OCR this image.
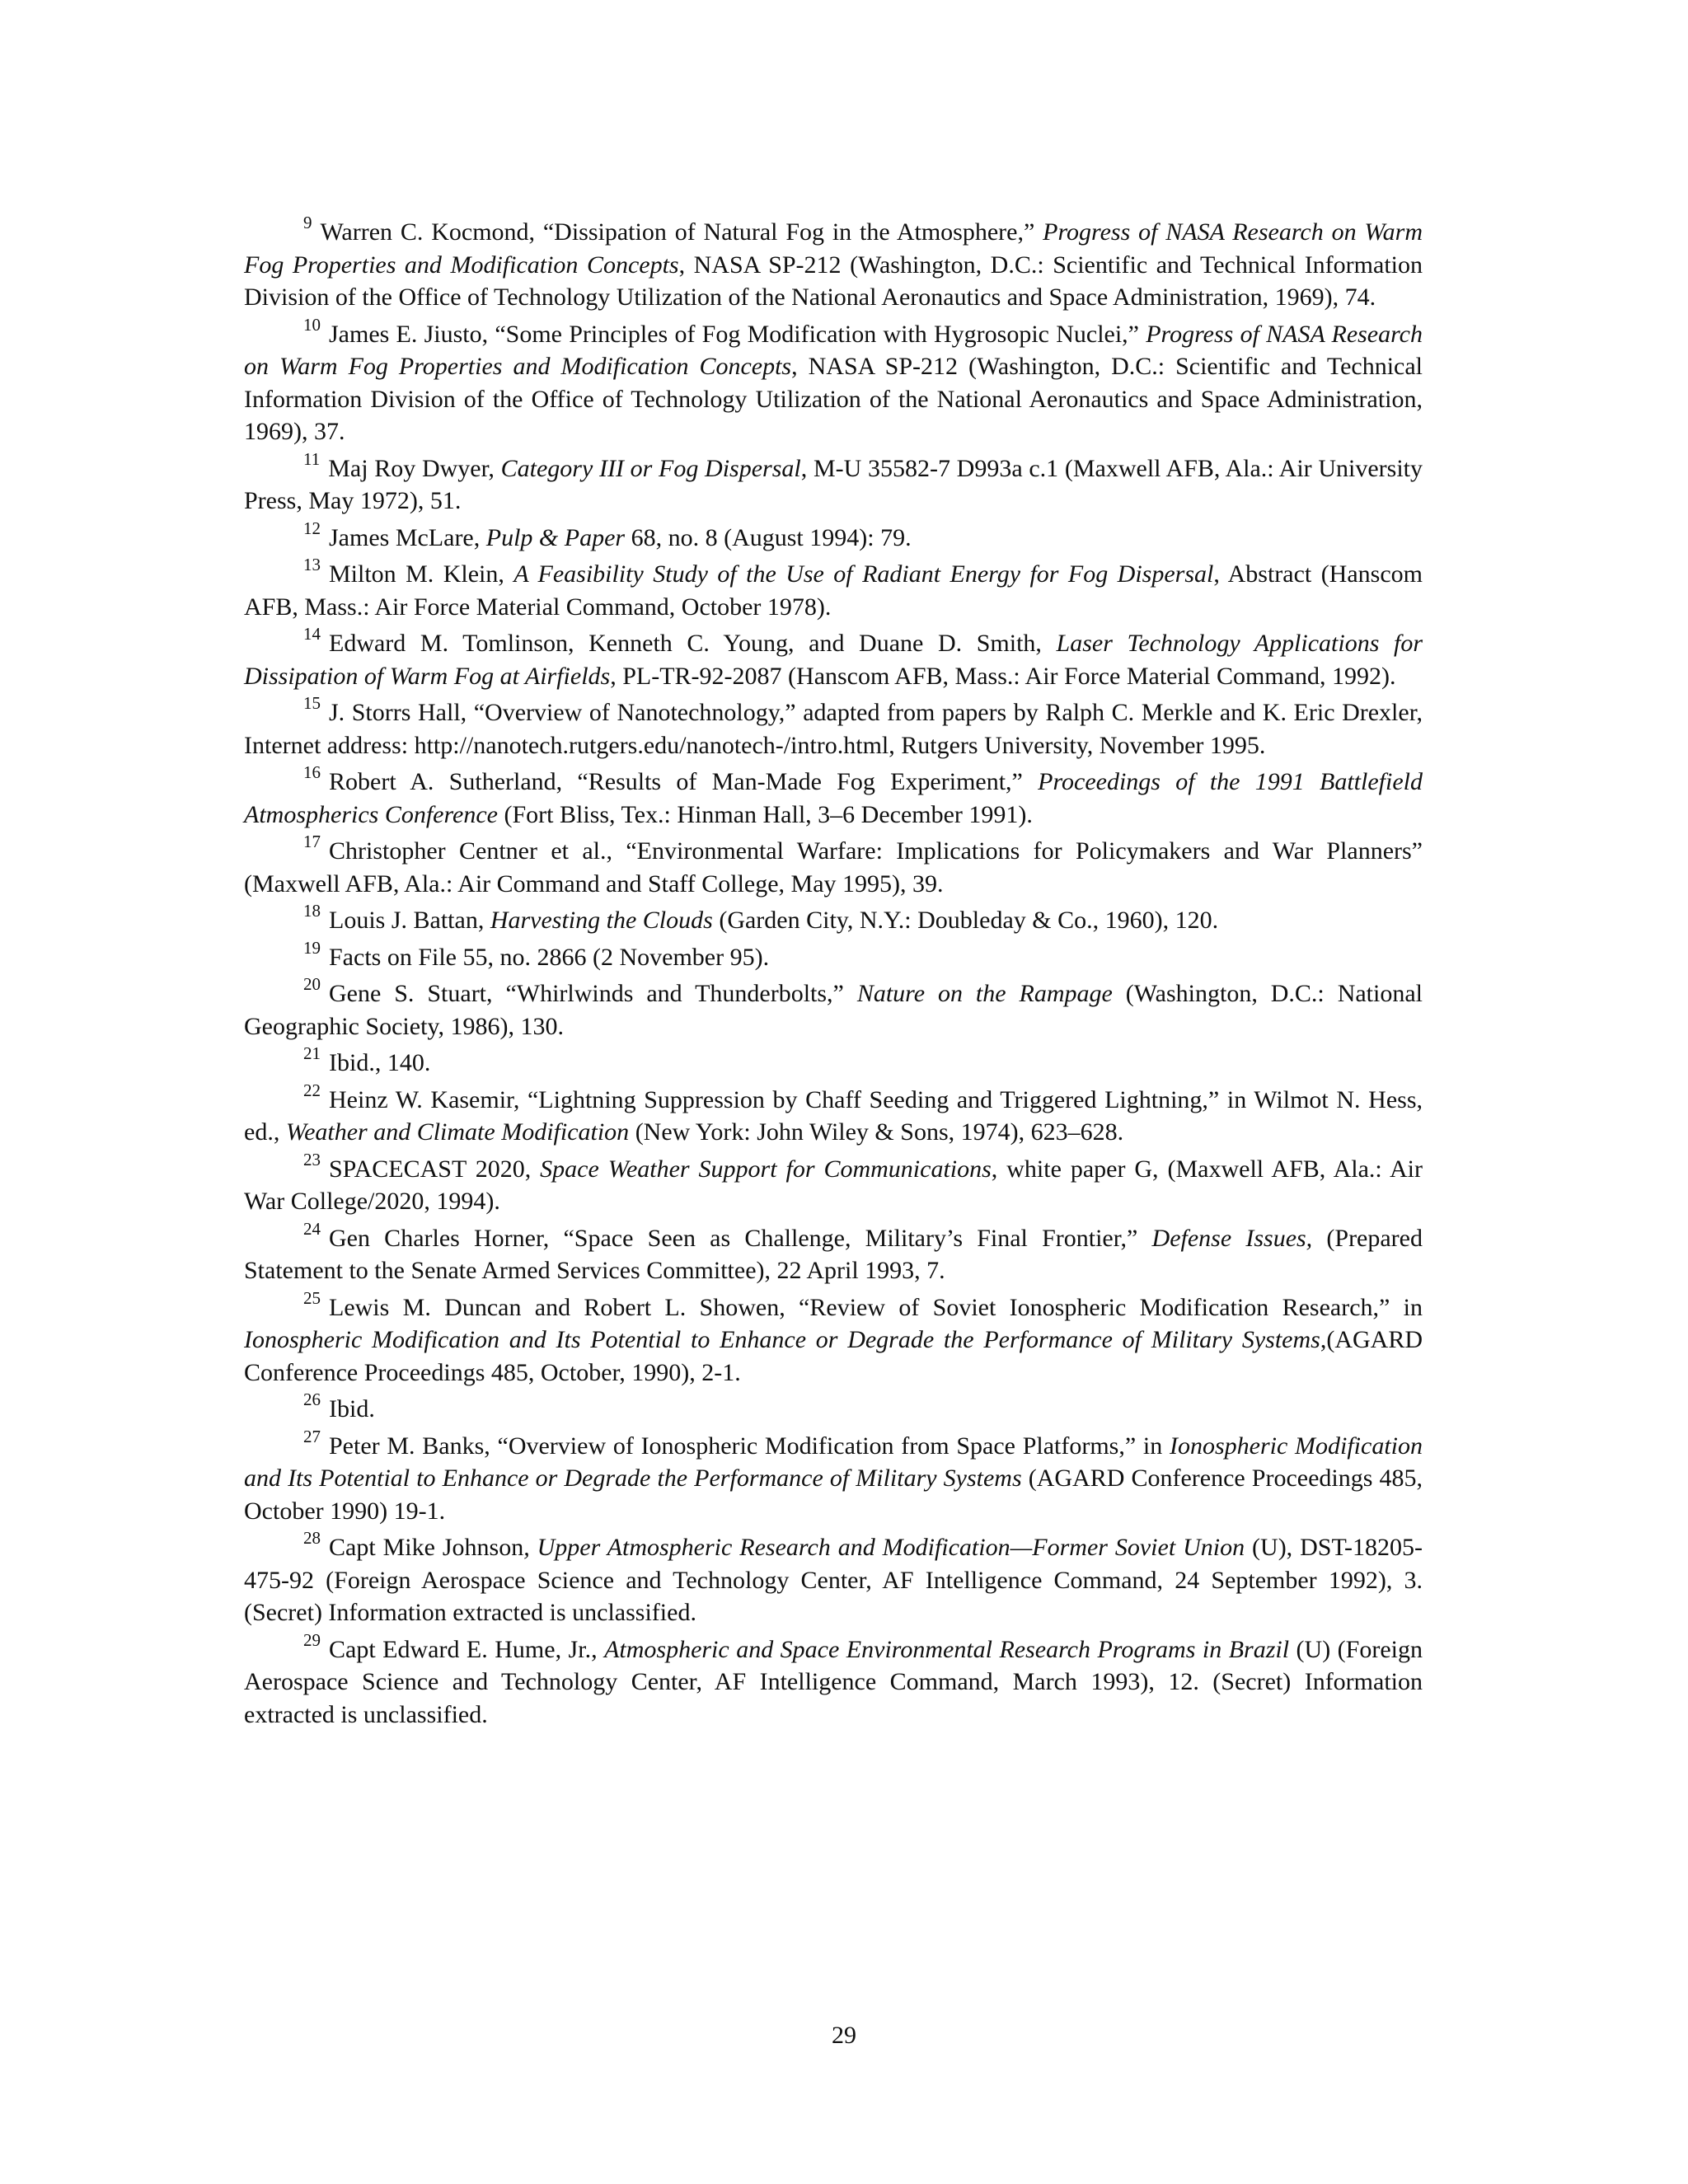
$^9$ Warren C. Kocmond, “Dissipation of Natural Fog in the Atmosphere,” Progress of NASA Research on Warm Fog Properties and Modification Concepts, NASA SP-212 (Washington, D.C.: Scientific and Technical Information Division of the Office of Technology Utilization of the National Aeronautics and Space Administration, 1969), 74.

$^{10}$ James E. Jiusto, “Some Principles of Fog Modification with Hygrosopic Nuclei,” Progress of NASA Research on Warm Fog Properties and Modification Concepts, NASA SP-212 (Washington, D.C.: Scientific and Technical Information Division of the Office of Technology Utilization of the National Aeronautics and Space Administration, 1969), 37.

$^{11}$ Maj Roy Dwyer, Category III or Fog Dispersal, M-U 35582-7 D993a c.1 (Maxwell AFB, Ala.: Air University Press, May 1972), 51.

$^{12}$ James McLare, Pulp & Paper 68, no. 8 (August 1994): 79.

$^{13}$ Milton M. Klein, A Feasibility Study of the Use of Radiant Energy for Fog Dispersal, Abstract (Hanscom AFB, Mass.: Air Force Material Command, October 1978).

$^{14}$ Edward M. Tomlinson, Kenneth C. Young, and Duane D. Smith, Laser Technology Applications for Dissipation of Warm Fog at Airfields, PL-TR-92-2087 (Hanscom AFB, Mass.: Air Force Material Command, 1992).

$^{15}$ J. Storrs Hall, “Overview of Nanotechnology,” adapted from papers by Ralph C. Merkle and K. Eric Drexler, Internet address: http://nanotech.rutgers.edu/nanotech-/intro.html, Rutgers University, November 1995.

$^{16}$ Robert A. Sutherland, “Results of Man-Made Fog Experiment,” Proceedings of the 1991 Battlefield Atmospherics Conference (Fort Bliss, Tex.: Hinman Hall, 3–6 December 1991).

$^{17}$ Christopher Centner et al., “Environmental Warfare: Implications for Policymakers and War Planners” (Maxwell AFB, Ala.: Air Command and Staff College, May 1995), 39.

$^{18}$ Louis J. Battan, Harvesting the Clouds (Garden City, N.Y.: Doubleday & Co., 1960), 120.

$^{19}$ Facts on File 55, no. 2866 (2 November 95).

$^{20}$ Gene S. Stuart, “Whirlwinds and Thunderbolts,” Nature on the Rampage (Washington, D.C.: National Geographic Society, 1986), 130.

$^{21}$ Ibid., 140.

$^{22}$ Heinz W. Kasemir, “Lightning Suppression by Chaff Seeding and Triggered Lightning,” in Wilmot N. Hess, ed., Weather and Climate Modification (New York: John Wiley & Sons, 1974), 623–628.

$^{23}$ SPACECAST 2020, Space Weather Support for Communications, white paper G, (Maxwell AFB, Ala.: Air War College/2020, 1994).

$^{24}$ Gen Charles Horner, “Space Seen as Challenge, Military’s Final Frontier,” Defense Issues, (Prepared Statement to the Senate Armed Services Committee), 22 April 1993, 7.

$^{25}$ Lewis M. Duncan and Robert L. Showen, “Review of Soviet Ionospheric Modification Research,” in Ionospheric Modification and Its Potential to Enhance or Degrade the Performance of Military Systems,(AGARD Conference Proceedings 485, October, 1990), 2-1.

$^{26}$ Ibid.

$^{27}$ Peter M. Banks, “Overview of Ionospheric Modification from Space Platforms,” in Ionospheric Modification and Its Potential to Enhance or Degrade the Performance of Military Systems (AGARD Conference Proceedings 485, October 1990) 19-1.

$^{28}$ Capt Mike Johnson, Upper Atmospheric Research and Modification—Former Soviet Union (U), DST-18205-475-92 (Foreign Aerospace Science and Technology Center, AF Intelligence Command, 24 September 1992), 3. (Secret) Information extracted is unclassified.

$^{29}$ Capt Edward E. Hume, Jr., Atmospheric and Space Environmental Research Programs in Brazil (U) (Foreign Aerospace Science and Technology Center, AF Intelligence Command, March 1993), 12. (Secret) Information extracted is unclassified.

29
